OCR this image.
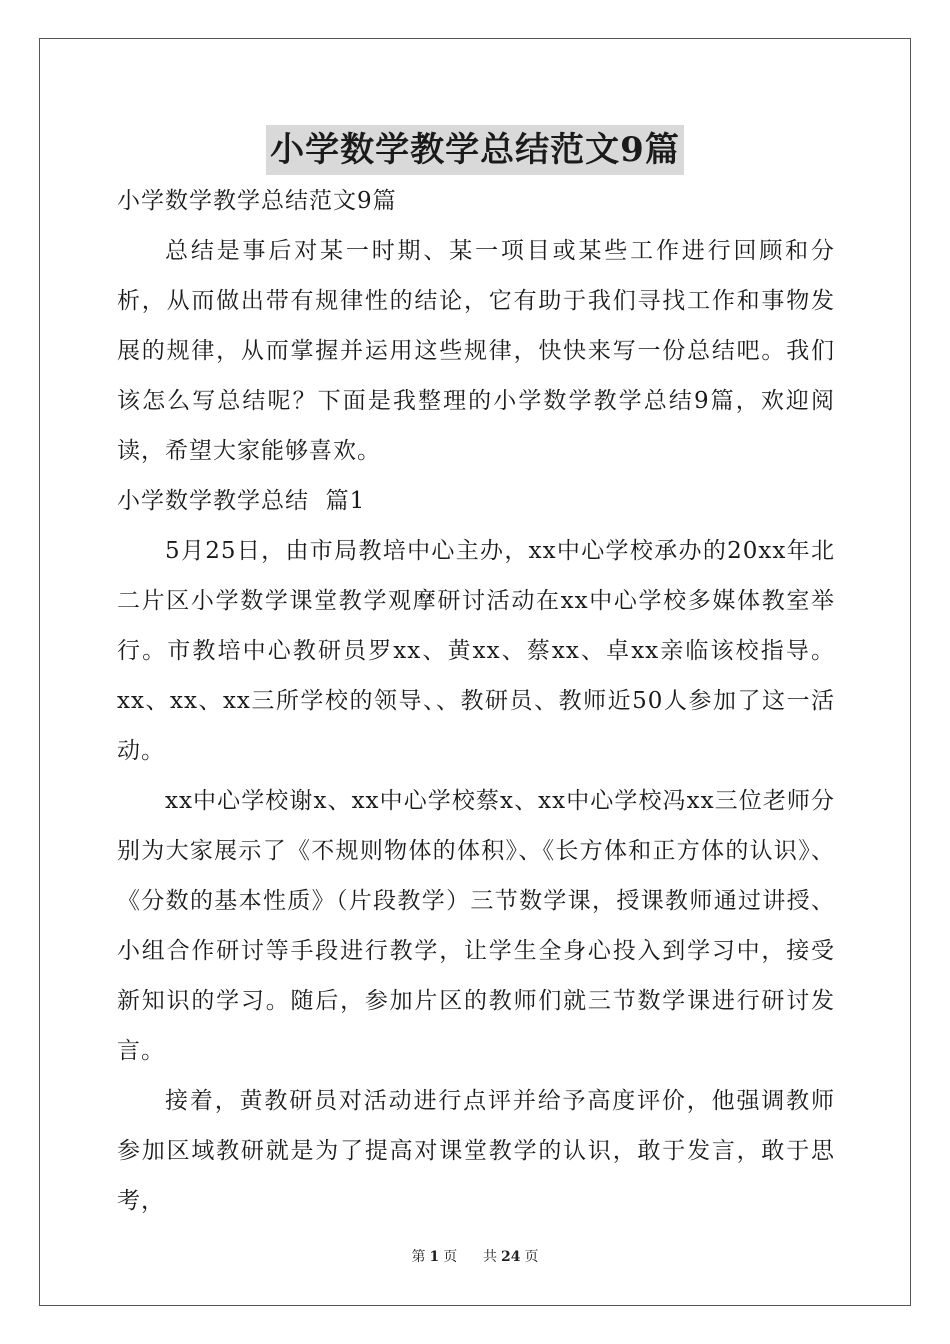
小学数学教学总结范文9篇

小学数学教学总结范文9篇

总结是事后对某一时期、某一项目或某些工作进行回顾和分析，从而做出带有规律性的结论，它有助于我们寻找工作和事物发展的规律，从而掌握并运用这些规律，快快来写一份总结吧。我们该怎么写总结呢？下面是我整理的小学数学教学总结9篇，欢迎阅读，希望大家能够喜欢。

小学数学教学总结  篇1

5月25日，由市局教培中心主办，xx中心学校承办的20xx年北二片区小学数学课堂教学观摩研讨活动在xx中心学校多媒体教室举行。市教培中心教研员罗xx、黄xx、蔡xx、卓xx亲临该校指导。xx、xx、xx三所学校的领导、、教研员、教师近50人参加了这一活动。

xx中心学校谢x、xx中心学校蔡x、xx中心学校冯xx三位老师分别为大家展示了《不规则物体的体积》、《长方体和正方体的认识》、《分数的基本性质》（片段教学）三节数学课，授课教师通过讲授、小组合作研讨等手段进行教学，让学生全身心投入到学习中，接受新知识的学习。随后，参加片区的教师们就三节数学课进行研讨发言。

接着，黄教研员对活动进行点评并给予高度评价，他强调教师参加区域教研就是为了提高对课堂教学的认识，敢于发言，敢于思考，

第 1 页 共 24 页
